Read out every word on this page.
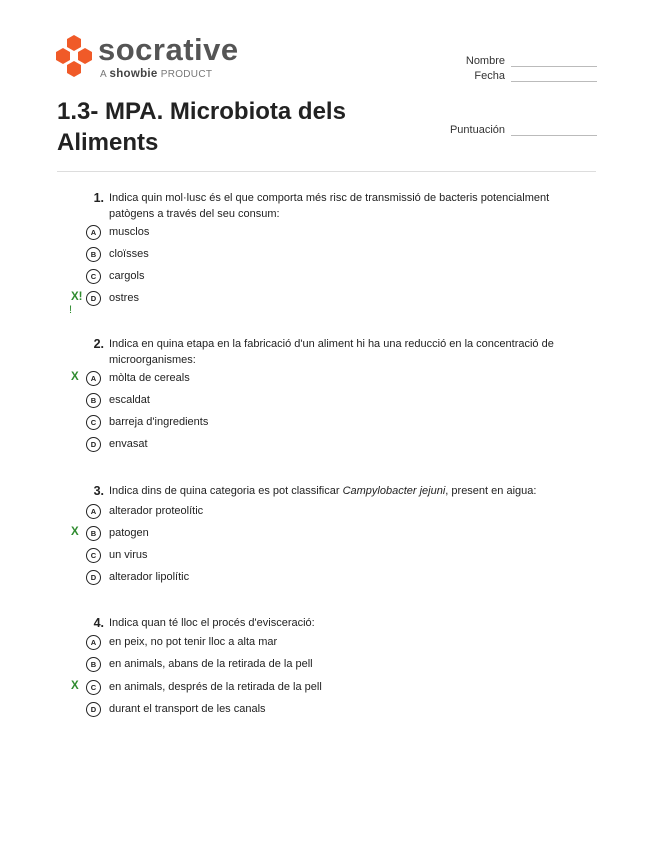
socrative
A showbie PRODUCT
Nombre
Fecha
Puntuación
1.3- MPA. Microbiota dels Aliments
1. Indica quin mol·lusc és el que comporta més risc de transmissió de bacteris potencialment patògens a través del seu consum:

A	musclos
B	cloïsses
C	cargols
X!
!
D	ostres
2. Indica en quina etapa en la fabricació d'un aliment hi ha una reducció en la concentració de microorganismes:

X	A	mòlta de cereals
B	escaldat
C	barreja d'ingredients
D	envasat
3. Indica dins de quina categoria es pot classificar Campylobacter jejuni, present en aigua:

A	alterador proteolític
X	B	patogen
C	un virus
D	alterador lipolític
4. Indica quan té lloc el procés d'evisceració:

A	en peix, no pot tenir lloc a alta mar
B	en animals, abans de la retirada de la pell
X	C	en animals, després de la retirada de la pell
D	durant el transport de les canals
